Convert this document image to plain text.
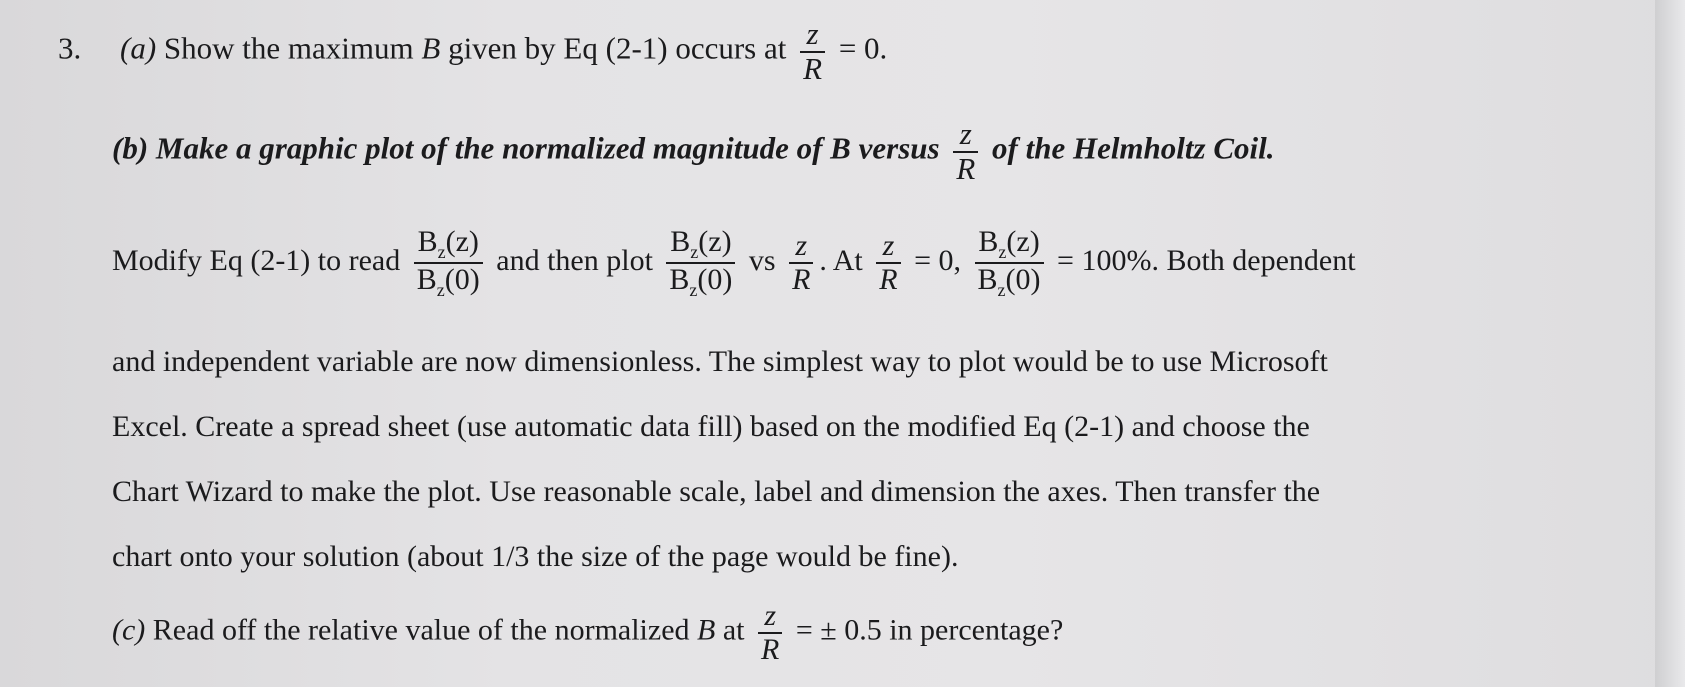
3. (a) Show the maximum B given by Eq (2-1) occurs at $\frac{z}{R} = 0$.
(b) Make a graphic plot of the normalized magnitude of B versus $\frac{z}{R}$ of the Helmholtz Coil.
Modify Eq (2-1) to read $\frac{B_z(z)}{B_z(0)}$ and then plot $\frac{B_z(z)}{B_z(0)}$ vs $\frac{z}{R}$ . At $\frac{z}{R} = 0$, $\frac{B_z(z)}{B_z(0)} = 100\%$. Both dependent
and independent variable are now dimensionless. The simplest way to plot would be to use Microsoft
Excel. Create a spread sheet (use automatic data fill) based on the modified Eq (2-1) and choose the
Chart Wizard to make the plot. Use reasonable scale, label and dimension the axes. Then transfer the
chart onto your solution (about 1/3 the size of the page would be fine).
(c) Read off the relative value of the normalized B at $\frac{z}{R}$ = ± 0.5 in percentage?
